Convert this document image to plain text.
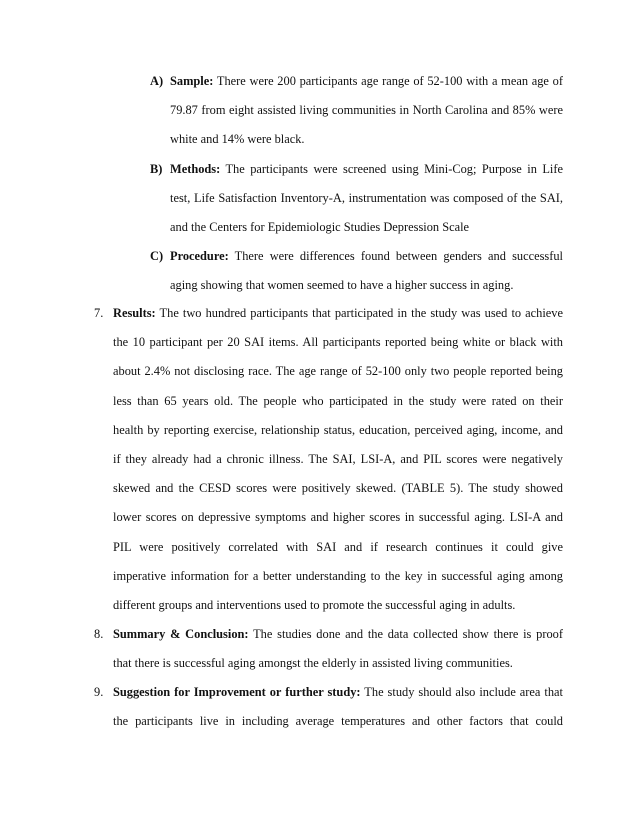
A) Sample: There were 200 participants age range of 52-100 with a mean age of
79.87 from eight assisted living communities in North Carolina and 85% were
white and 14% were black.
B) Methods: The participants were screened using Mini-Cog; Purpose in Life
test, Life Satisfaction Inventory-A, instrumentation was composed of the SAI,
and the Centers for Epidemiologic Studies Depression Scale
C) Procedure: There were differences found between genders and successful
aging showing that women seemed to have a higher success in aging.
7. Results: The two hundred participants that participated in the study was used to achieve
the 10 participant per 20 SAI items. All participants reported being white or black with
about 2.4% not disclosing race. The age range of 52-100 only two people reported being
less than 65 years old. The people who participated in the study were rated on their
health by reporting exercise, relationship status, education, perceived aging, income, and
if they already had a chronic illness. The SAI, LSI-A, and PIL scores were negatively
skewed and the CESD scores were positively skewed. (TABLE 5). The study showed
lower scores on depressive symptoms and higher scores in successful aging. LSI-A and
PIL were positively correlated with SAI and if research continues it could give
imperative information for a better understanding to the key in successful aging among
different groups and interventions used to promote the successful aging in adults.
8. Summary & Conclusion: The studies done and the data collected show there is proof
that there is successful aging amongst the elderly in assisted living communities.
9. Suggestion for Improvement or further study: The study should also include area that
the participants live in including average temperatures and other factors that could
